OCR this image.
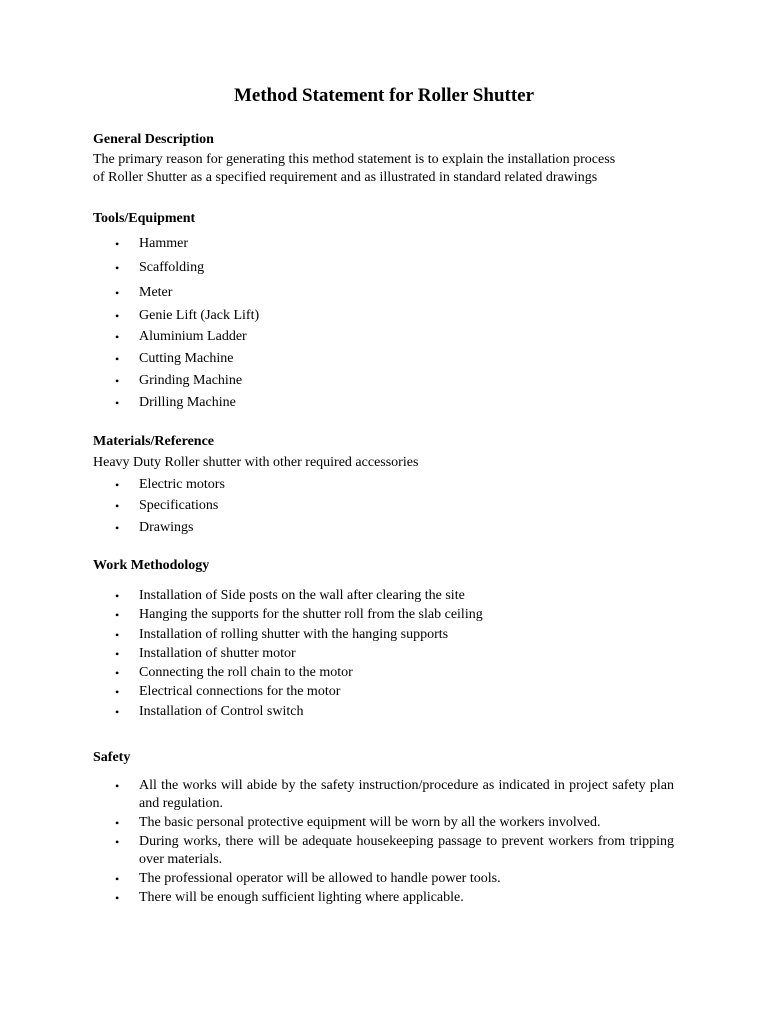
Method Statement for Roller Shutter
General Description

The primary reason for generating this method statement is to explain the installation process
of Roller Shutter as a specified requirement and as illustrated in standard related drawings

Tools/Equipment
• Hammer
• Scaffolding
• Meter
• Genie Lift (Jack Lift)
• Aluminium Ladder
• Cutting Machine
• Grinding Machine
• Drilling Machine
Materials/Reference

Heavy Duty Roller shutter with other required accessories

• Electric motors
• Specifications
• Drawings
Work Methodology
• Installation of Side posts on the wall after clearing the site
• Hanging the supports for the shutter roll from the slab ceiling
• Installation of rolling shutter with the hanging supports
• Installation of shutter motor
• Connecting the roll chain to the motor
• Electrical connections for the motor
• Installation of Control switch
Safety
• All the works will abide by the safety instruction/procedure as indicated in project safety plan and regulation.
• The basic personal protective equipment will be worn by all the workers involved.
• During works, there will be adequate housekeeping passage to prevent workers from tripping over materials.
• The professional operator will be allowed to handle power tools.
• There will be enough sufficient lighting where applicable.
